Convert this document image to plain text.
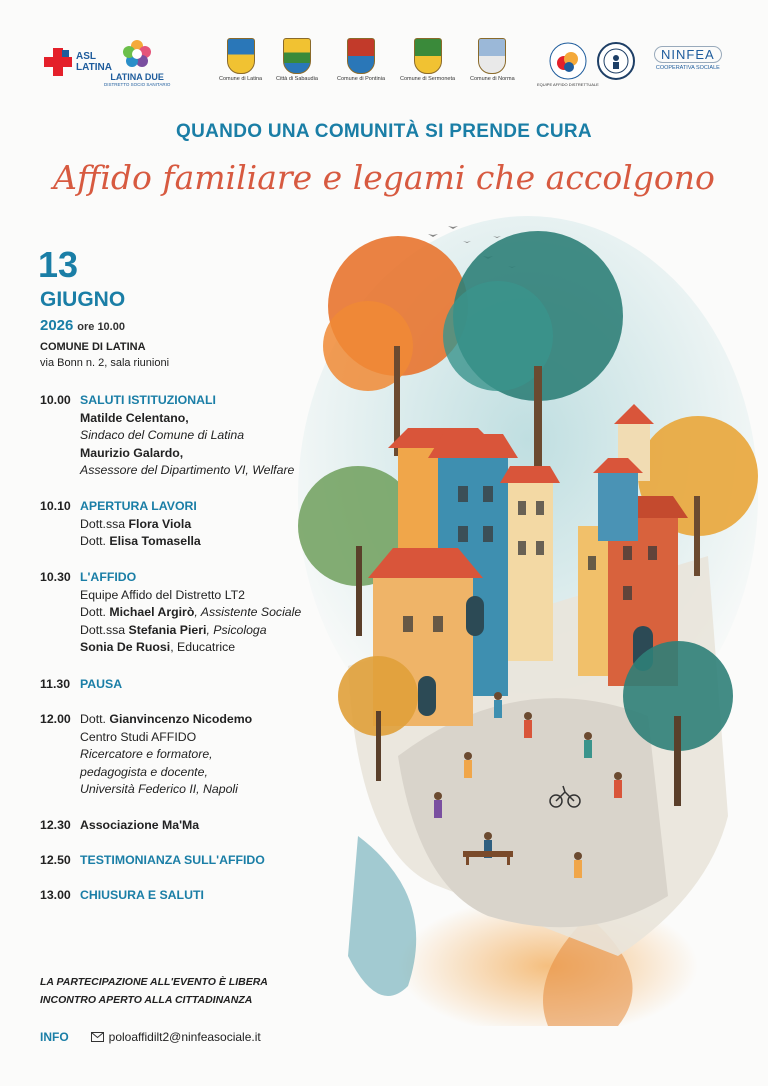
ASL
LATINA
LATINA DUE
DISTRETTO SOCIO SANITARIO
Comune di Latina	Città di Sabaudia	Comune di Pontinia	Comune di Sermoneta	Comune di Norma
EQUIPE AFFIDO DISTRETTUALE
NINFEA
COOPERATIVA SOCIALE
QUANDO UNA COMUNITÀ SI PRENDE CURA
Affido familiare e legami che accolgono
13
GIUGNO
2026 ore 10.00
COMUNE DI LATINA
via Bonn n. 2, sala riunioni
10.00 SALUTI ISTITUZIONALI
Matilde Celentano,
Sindaco del Comune di Latina
Maurizio Galardo,
Assessore del Dipartimento VI, Welfare
10.10 APERTURA LAVORI
Dott.ssa Flora Viola
Dott. Elisa Tomasella
10.30 L'AFFIDO
Equipe Affido del Distretto LT2
Dott. Michael Argirò, Assistente Sociale
Dott.ssa Stefania Pieri, Psicologa
Sonia De Ruosi, Educatrice
11.30 PAUSA
12.00 Dott. Gianvincenzo Nicodemo
Centro Studi AFFIDO
Ricercatore e formatore,
pedagogista e docente,
Università Federico II, Napoli
12.30 Associazione Ma'Ma
12.50 TESTIMONIANZA SULL'AFFIDO
13.00 CHIUSURA E SALUTI
LA PARTECIPAZIONE ALL'EVENTO È LIBERA
INCONTRO APERTO ALLA CITTADINANZA
INFO	poloaffidilt2@ninfeasociale.it
